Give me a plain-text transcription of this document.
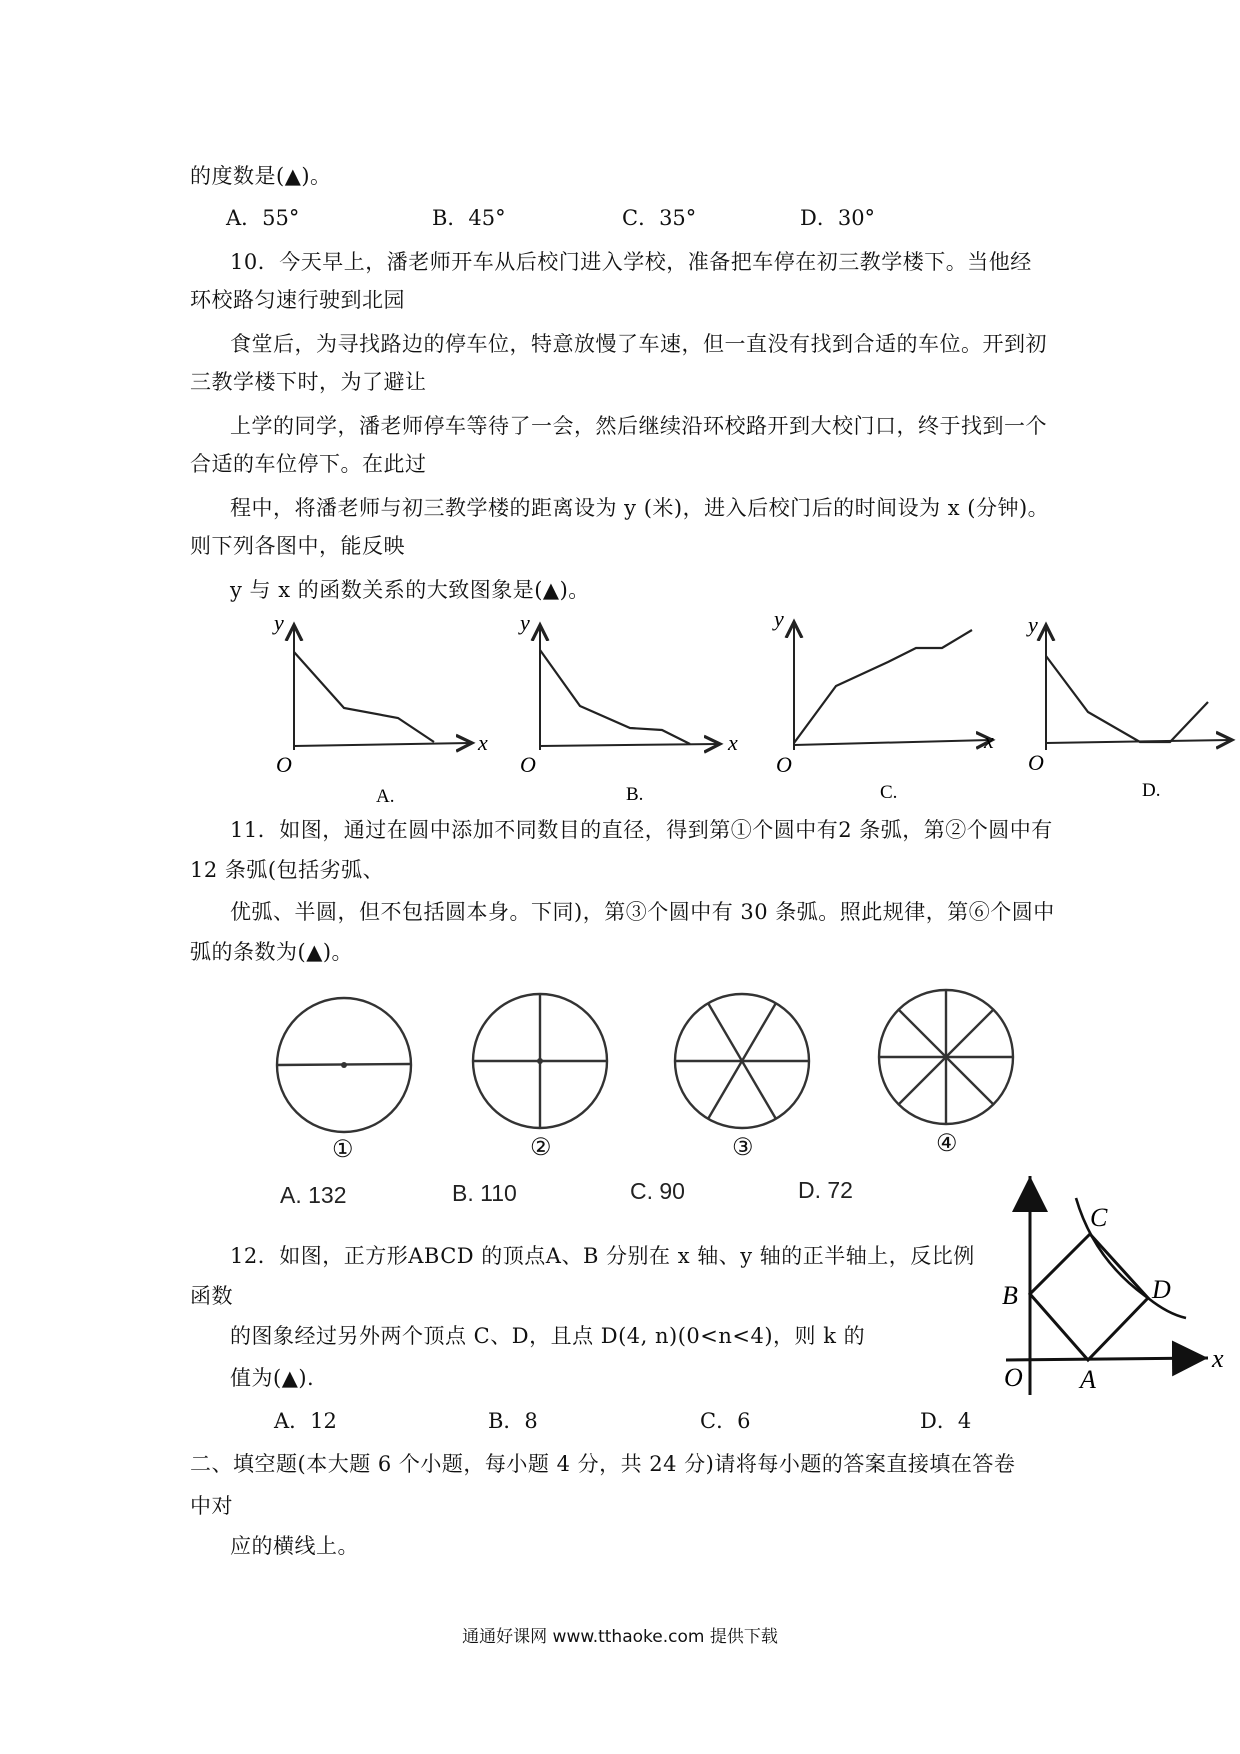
的度数是(▲)。
A．55°	B．45°	C．35°	D．30°
10．今天早上，潘老师开车从后校门进入学校，准备把车停在初三教学楼下。当他经
环校路匀速行驶到北园
食堂后，为寻找路边的停车位，特意放慢了车速，但一直没有找到合适的车位。开到初
三教学楼下时，为了避让
上学的同学，潘老师停车等待了一会，然后继续沿环校路开到大校门口，终于找到一个
合适的车位停下。在此过
程中，将潘老师与初三教学楼的距离设为 y (米)，进入后校门后的时间设为 x (分钟)。
则下列各图中，能反映
y 与 x 的函数关系的大致图象是(▲)。
y
x
O
A.
y
x
O
B.
y
x
O
C.
y
O
D.
11．如图，通过在圆中添加不同数目的直径，得到第①个圆中有2 条弧，第②个圆中有
12 条弧(包括劣弧、
优弧、半圆，但不包括圆本身。下同)，第③个圆中有 30 条弧。照此规律，第⑥个圆中
弧的条数为(▲)。
①	②	③	④
A. 132	B. 110	C. 90	D. 72
12．如图，正方形ABCD 的顶点A、B 分别在 x 轴、y 轴的正半轴上，反比例
函数
的图象经过另外两个顶点 C、D，且点 D(4, n)(0<n<4)，则 k 的
值为(▲).
A．12	B．8	C．6	D．4
C
D
B
O A
x
二、填空题(本大题 6 个小题，每小题 4 分，共 24 分)请将每小题的答案直接填在答卷
中对
应的横线上。
通通好课网 www.tthaoke.com 提供下载
